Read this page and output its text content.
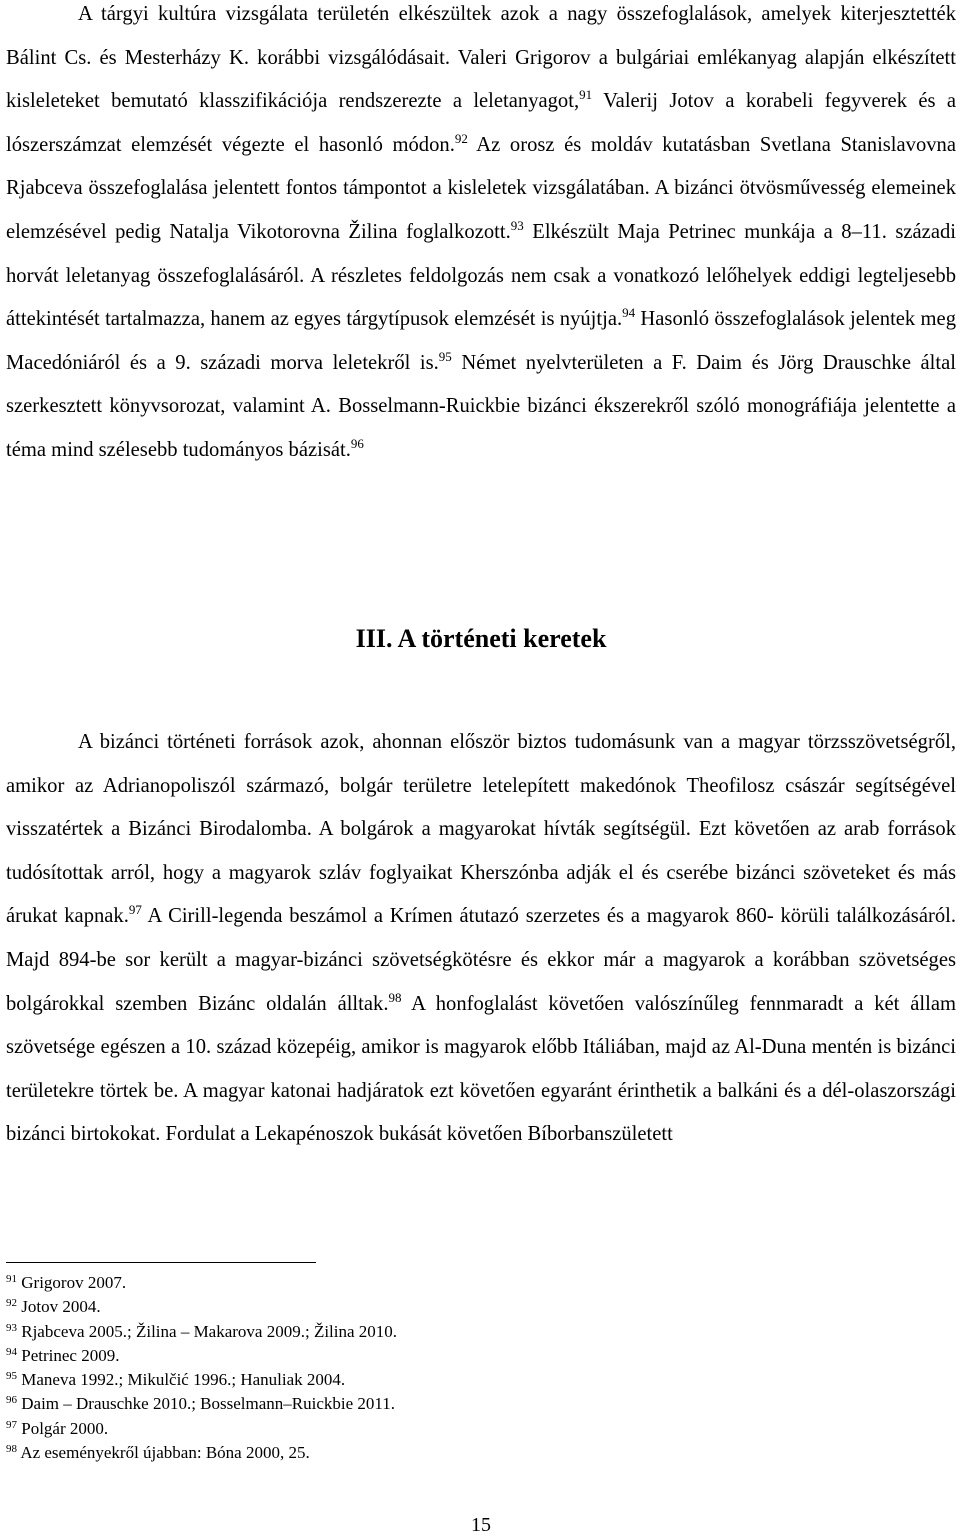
A tárgyi kultúra vizsgálata területén elkészültek azok a nagy összefoglalások, amelyek kiterjesztették Bálint Cs. és Mesterházy K. korábbi vizsgálódásait. Valeri Grigorov a bulgáriai emlékanyag alapján elkészített kisleleteket bemutató klasszifikációja rendszerezte a leletanyagot,$^{91}$ Valerij Jotov a korabeli fegyverek és a lószerszámzat elemzését végezte el hasonló módon.$^{92}$ Az orosz és moldáv kutatásban Svetlana Stanislavovna Rjabceva összefoglalása jelentett fontos támpontot a kisleletek vizsgálatában. A bizánci ötvösművesség elemeinek elemzésével pedig Natalja Vikotorovna Žilina foglalkozott.$^{93}$ Elkészült Maja Petrinec munkája a 8–11. századi horvát leletanyag összefoglalásáról. A részletes feldolgozás nem csak a vonatkozó lelőhelyek eddigi legteljesebb áttekintését tartalmazza, hanem az egyes tárgytípusok elemzését is nyújtja.$^{94}$ Hasonló összefoglalások jelentek meg Macedóniáról és a 9. századi morva leletekről is.$^{95}$ Német nyelvterületen a F. Daim és Jörg Drauschke által szerkesztett könyvsorozat, valamint A. Bosselmann-Ruickbie bizánci ékszerekről szóló monográfiája jelentette a téma mind szélesebb tudományos bázisát.$^{96}$

III. A történeti keretek

A bizánci történeti források azok, ahonnan először biztos tudomásunk van a magyar törzsszövetségről, amikor az Adrianopoliszól származó, bolgár területre letelepített makedónok Theofilosz császár segítségével visszatértek a Bizánci Birodalomba. A bolgárok a magyarokat hívták segítségül. Ezt követően az arab források tudósítottak arról, hogy a magyarok szláv foglyaikat Kherszónba adják el és cserébe bizánci szöveteket és más árukat kapnak.$^{97}$ A Cirill-legenda beszámol a Krímen átutazó szerzetes és a magyarok 860- körüli találkozásáról. Majd 894-be sor került a magyar-bizánci szövetségkötésre és ekkor már a magyarok a korábban szövetséges bolgárokkal szemben Bizánc oldalán álltak.$^{98}$ A honfoglalást követően valószínűleg fennmaradt a két állam szövetsége egészen a 10. század közepéig, amikor is magyarok előbb Itáliában, majd az Al-Duna mentén is bizánci területekre törtek be. A magyar katonai hadjáratok ezt követően egyaránt érinthetik a balkáni és a dél-olaszországi bizánci birtokokat. Fordulat a Lekapénoszok bukását követően Bíborbanszületett

$^{91}$ Grigorov 2007.
$^{92}$ Jotov 2004.
$^{93}$ Rjabceva 2005.; Žilina – Makarova 2009.; Žilina 2010.
$^{94}$ Petrinec 2009.
$^{95}$ Maneva 1992.; Mikulčić 1996.; Hanuliak 2004.
$^{96}$ Daim – Drauschke 2010.; Bosselmann–Ruickbie 2011.
$^{97}$ Polgár 2000.
$^{98}$ Az eseményekről újabban: Bóna 2000, 25.
15
